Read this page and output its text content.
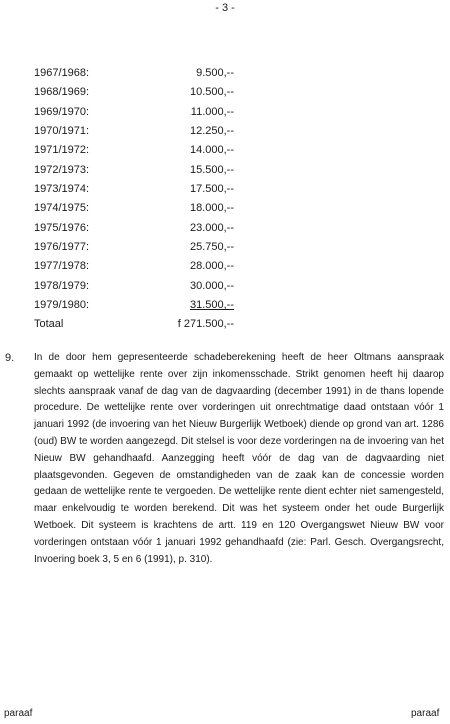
- 3 -
1967/1968:	9.500,--
1968/1969:	10.500,--
1969/1970:	11.000,--
1970/1971:	12.250,--
1971/1972:	14.000,--
1972/1973:	15.500,--
1973/1974:	17.500,--
1974/1975:	18.000,--
1975/1976:	23.000,--
1976/1977:	25.750,--
1977/1978:	28.000,--
1978/1979:	30.000,--
1979/1980:	31.500,--
Totaal	f 271.500,--
9.	In de door hem gepresenteerde schadeberekening heeft de heer Oltmans aanspraak gemaakt op wettelijke rente over zijn inkomensschade. Strikt genomen heeft hij daarop slechts aanspraak vanaf de dag van de dagvaarding (december 1991) in de thans lopende procedure. De wettelijke rente over vorderingen uit onrechtmatige daad ontstaan vóór 1 januari 1992 (de invoering van het Nieuw Burgerlijk Wetboek) diende op grond van art. 1286 (oud) BW te worden aangezegd. Dit stelsel is voor deze vorderingen na de invoering van het Nieuw BW gehandhaafd. Aanzegging heeft vóór de dag van de dagvaarding niet plaatsgevonden. Gegeven de omstandigheden van de zaak kan de concessie worden gedaan de wettelijke rente te vergoeden. De wettelijke rente dient echter niet samengesteld, maar enkelvoudig te worden berekend. Dit was het systeem onder het oude Burgerlijk Wetboek. Dit systeem is krachtens de artt. 119 en 120 Overgangswet Nieuw BW voor vorderingen ontstaan vóór 1 januari 1992 gehandhaafd (zie: Parl. Gesch. Overgangsrecht, Invoering boek 3, 5 en 6 (1991), p. 310).

paraaf	paraaf
